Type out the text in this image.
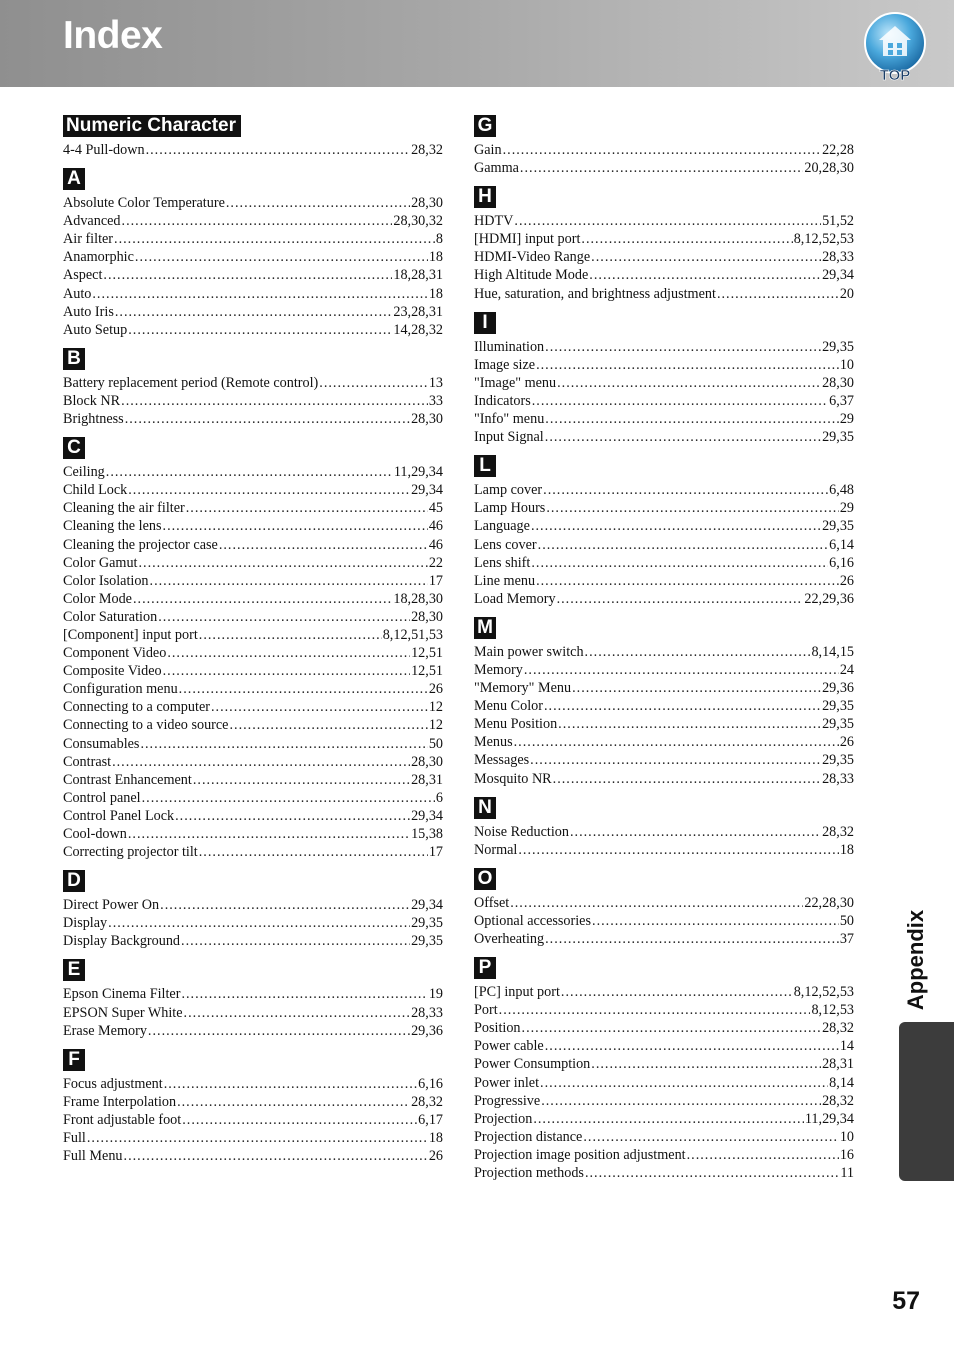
Index
TOP
Numeric Character
4-4 Pull-down .....	28,32
A
Absolute Color Temperature .....	28,30
Advanced .....	28,30,32
Air filter .....	8
Anamorphic .....	18
Aspect .....	18,28,31
Auto .....	18
Auto Iris .....	23,28,31
Auto Setup .....	14,28,32
B
Battery replacement period (Remote control) .....	13
Block NR .....	33
Brightness .....	28,30
C
Ceiling .....	11,29,34
Child Lock .....	29,34
Cleaning the air filter .....	45
Cleaning the lens .....	46
Cleaning the projector case .....	46
Color Gamut .....	22
Color Isolation .....	17
Color Mode .....	18,28,30
Color Saturation .....	28,30
[Component] input port .....	8,12,51,53
Component Video .....	12,51
Composite Video .....	12,51
Configuration menu .....	26
Connecting to a computer .....	12
Connecting to a video source .....	12
Consumables .....	50
Contrast .....	28,30
Contrast Enhancement .....	28,31
Control panel .....	6
Control Panel Lock .....	29,34
Cool-down .....	15,38
Correcting projector tilt .....	17
D
Direct Power On .....	29,34
Display .....	29,35
Display Background .....	29,35
E
Epson Cinema Filter .....	19
EPSON Super White .....	28,33
Erase Memory .....	29,36
F
Focus adjustment .....	6,16
Frame Interpolation .....	28,32
Front adjustable foot .....	6,17
Full .....	18
Full Menu .....	26
G
Gain .....	22,28
Gamma .....	20,28,30
H
HDTV .....	51,52
[HDMI] input port .....	8,12,52,53
HDMI-Video Range .....	28,33
High Altitude Mode .....	29,34
Hue, saturation, and brightness adjustment .....	20
I
Illumination .....	29,35
Image size .....	10
"Image" menu .....	28,30
Indicators .....	6,37
"Info" menu .....	29
Input Signal .....	29,35
L
Lamp cover .....	6,48
Lamp Hours .....	29
Language .....	29,35
Lens cover .....	6,14
Lens shift .....	6,16
Line menu .....	26
Load Memory .....	22,29,36
M
Main power switch .....	8,14,15
Memory .....	24
"Memory" Menu .....	29,36
Menu Color .....	29,35
Menu Position .....	29,35
Menus .....	26
Messages .....	29,35
Mosquito NR .....	28,33
N
Noise Reduction .....	28,32
Normal .....	18
O
Offset .....	22,28,30
Optional accessories .....	50
Overheating .....	37
P
[PC] input port .....	8,12,52,53
Port .....	8,12,53
Position .....	28,32
Power cable .....	14
Power Consumption .....	28,31
Power inlet .....	8,14
Progressive .....	28,32
Projection .....	11,29,34
Projection distance .....	10
Projection image position adjustment .....	16
Projection methods .....	11
Appendix
57
